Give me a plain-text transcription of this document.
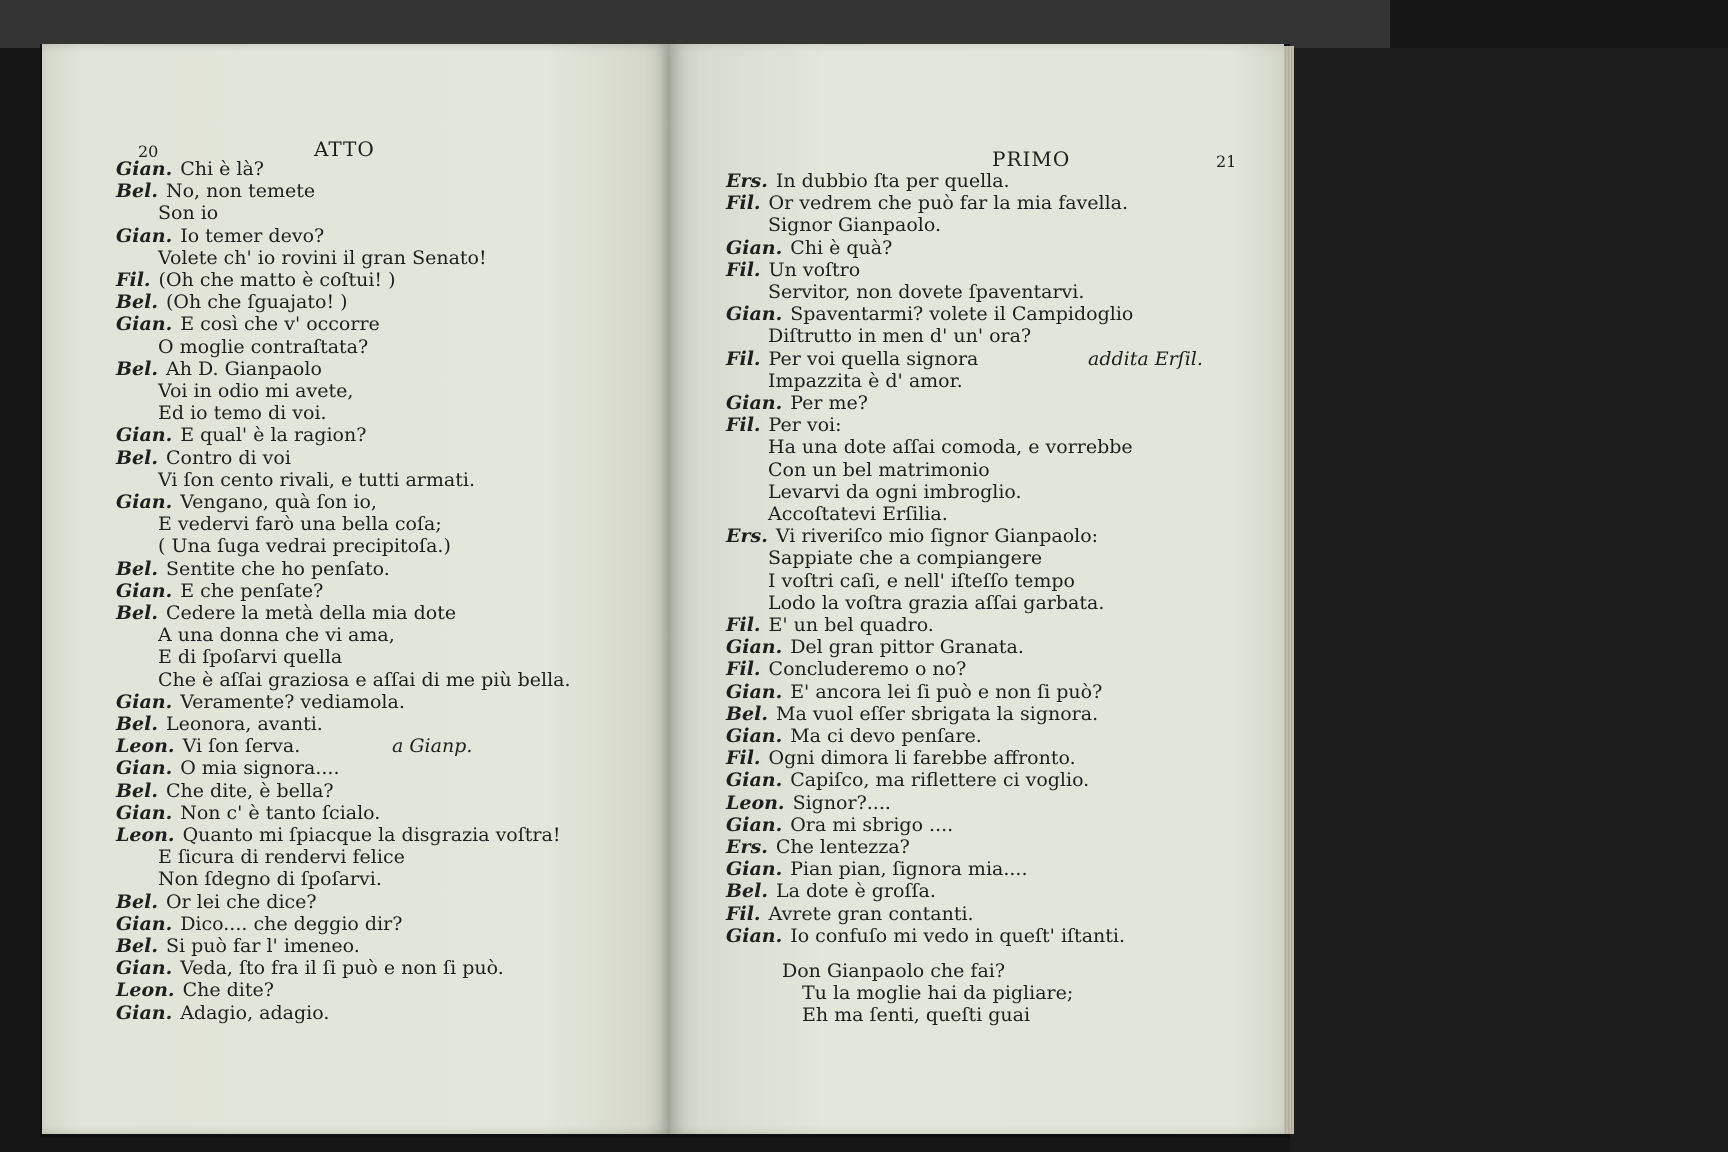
20	ATTO
Gian. Chi è là?
Bel. No, non temete
Son io
Gian. Io temer devo?
Volete ch' io rovini il gran Senato!
Fil. (Oh che matto è coſtui! )
Bel. (Oh che ſguajato! )
Gian. E così che v' occorre
O moglie contraſtata?
Bel. Ah D. Gianpaolo
Voi in odio mi avete,
Ed io temo di voi.
Gian. E qual' è la ragion?
Bel. Contro di voi
Vi ſon cento rivali, e tutti armati.
Gian. Vengano, quà ſon io,
E vedervi farò una bella coſa;
( Una ſuga vedrai precipitoſa.)
Bel. Sentite che ho penſato.
Gian. E che penſate?
Bel. Cedere la metà della mia dote
A una donna che vi ama,
E di ſpoſarvi quella
Che è aſſai graziosa e aſſai di me più bella.
Gian. Veramente? vediamola.
Bel. Leonora, avanti.
Leon. Vi ſon ſerva.	a Gianp.
Gian. O mia signora....
Bel. Che dite, è bella?
Gian. Non c' è tanto ſcialo.
Leon. Quanto mi ſpiacque la disgrazia voſtra!
E ſicura di rendervi felice
Non ſdegno di ſpoſarvi.
Bel. Or lei che dice?
Gian. Dico.... che deggio dir?
Bel. Si può far l' imeneo.
Gian. Veda, ſto fra il ſi può e non ſi può.
Leon. Che dite?
Gian. Adagio, adagio.
PRIMO	21
Ers. In dubbio ſta per quella.
Fil. Or vedrem che può far la mia favella.
Signor Gianpaolo.
Gian. Chi è quà?
Fil. Un voſtro
Servitor, non dovete ſpaventarvi.
Gian. Spaventarmi? volete il Campidoglio
Diſtrutto in men d' un' ora?
Fil. Per voi quella signora	addita Erſil.
Impazzita è d' amor.
Gian. Per me?
Fil. Per voi:
Ha una dote aſſai comoda, e vorrebbe
Con un bel matrimonio
Levarvi da ogni imbroglio.
Accoſtatevi Erſilia.
Ers. Vi riveriſco mio ſignor Gianpaolo:
Sappiate che a compiangere
I voſtri caſi, e nell' iſteſſo tempo
Lodo la voſtra grazia aſſai garbata.
Fil. E' un bel quadro.
Gian. Del gran pittor Granata.
Fil. Concluderemo o no?
Gian. E' ancora lei ſi può e non ſi può?
Bel. Ma vuol eſſer sbrigata la signora.
Gian. Ma ci devo penſare.
Fil. Ogni dimora li farebbe affronto.
Gian. Capiſco, ma riflettere ci voglio.
Leon. Signor?....
Gian. Ora mi sbrigo ....
Ers. Che lentezza?
Gian. Pian pian, ſignora mia....
Bel. La dote è groſſa.
Fil. Avrete gran contanti.
Gian. Io confuſo mi vedo in queſt' iſtanti.
Don Gianpaolo che fai?
Tu la moglie hai da pigliare;
Eh ma ſenti, queſti guai
